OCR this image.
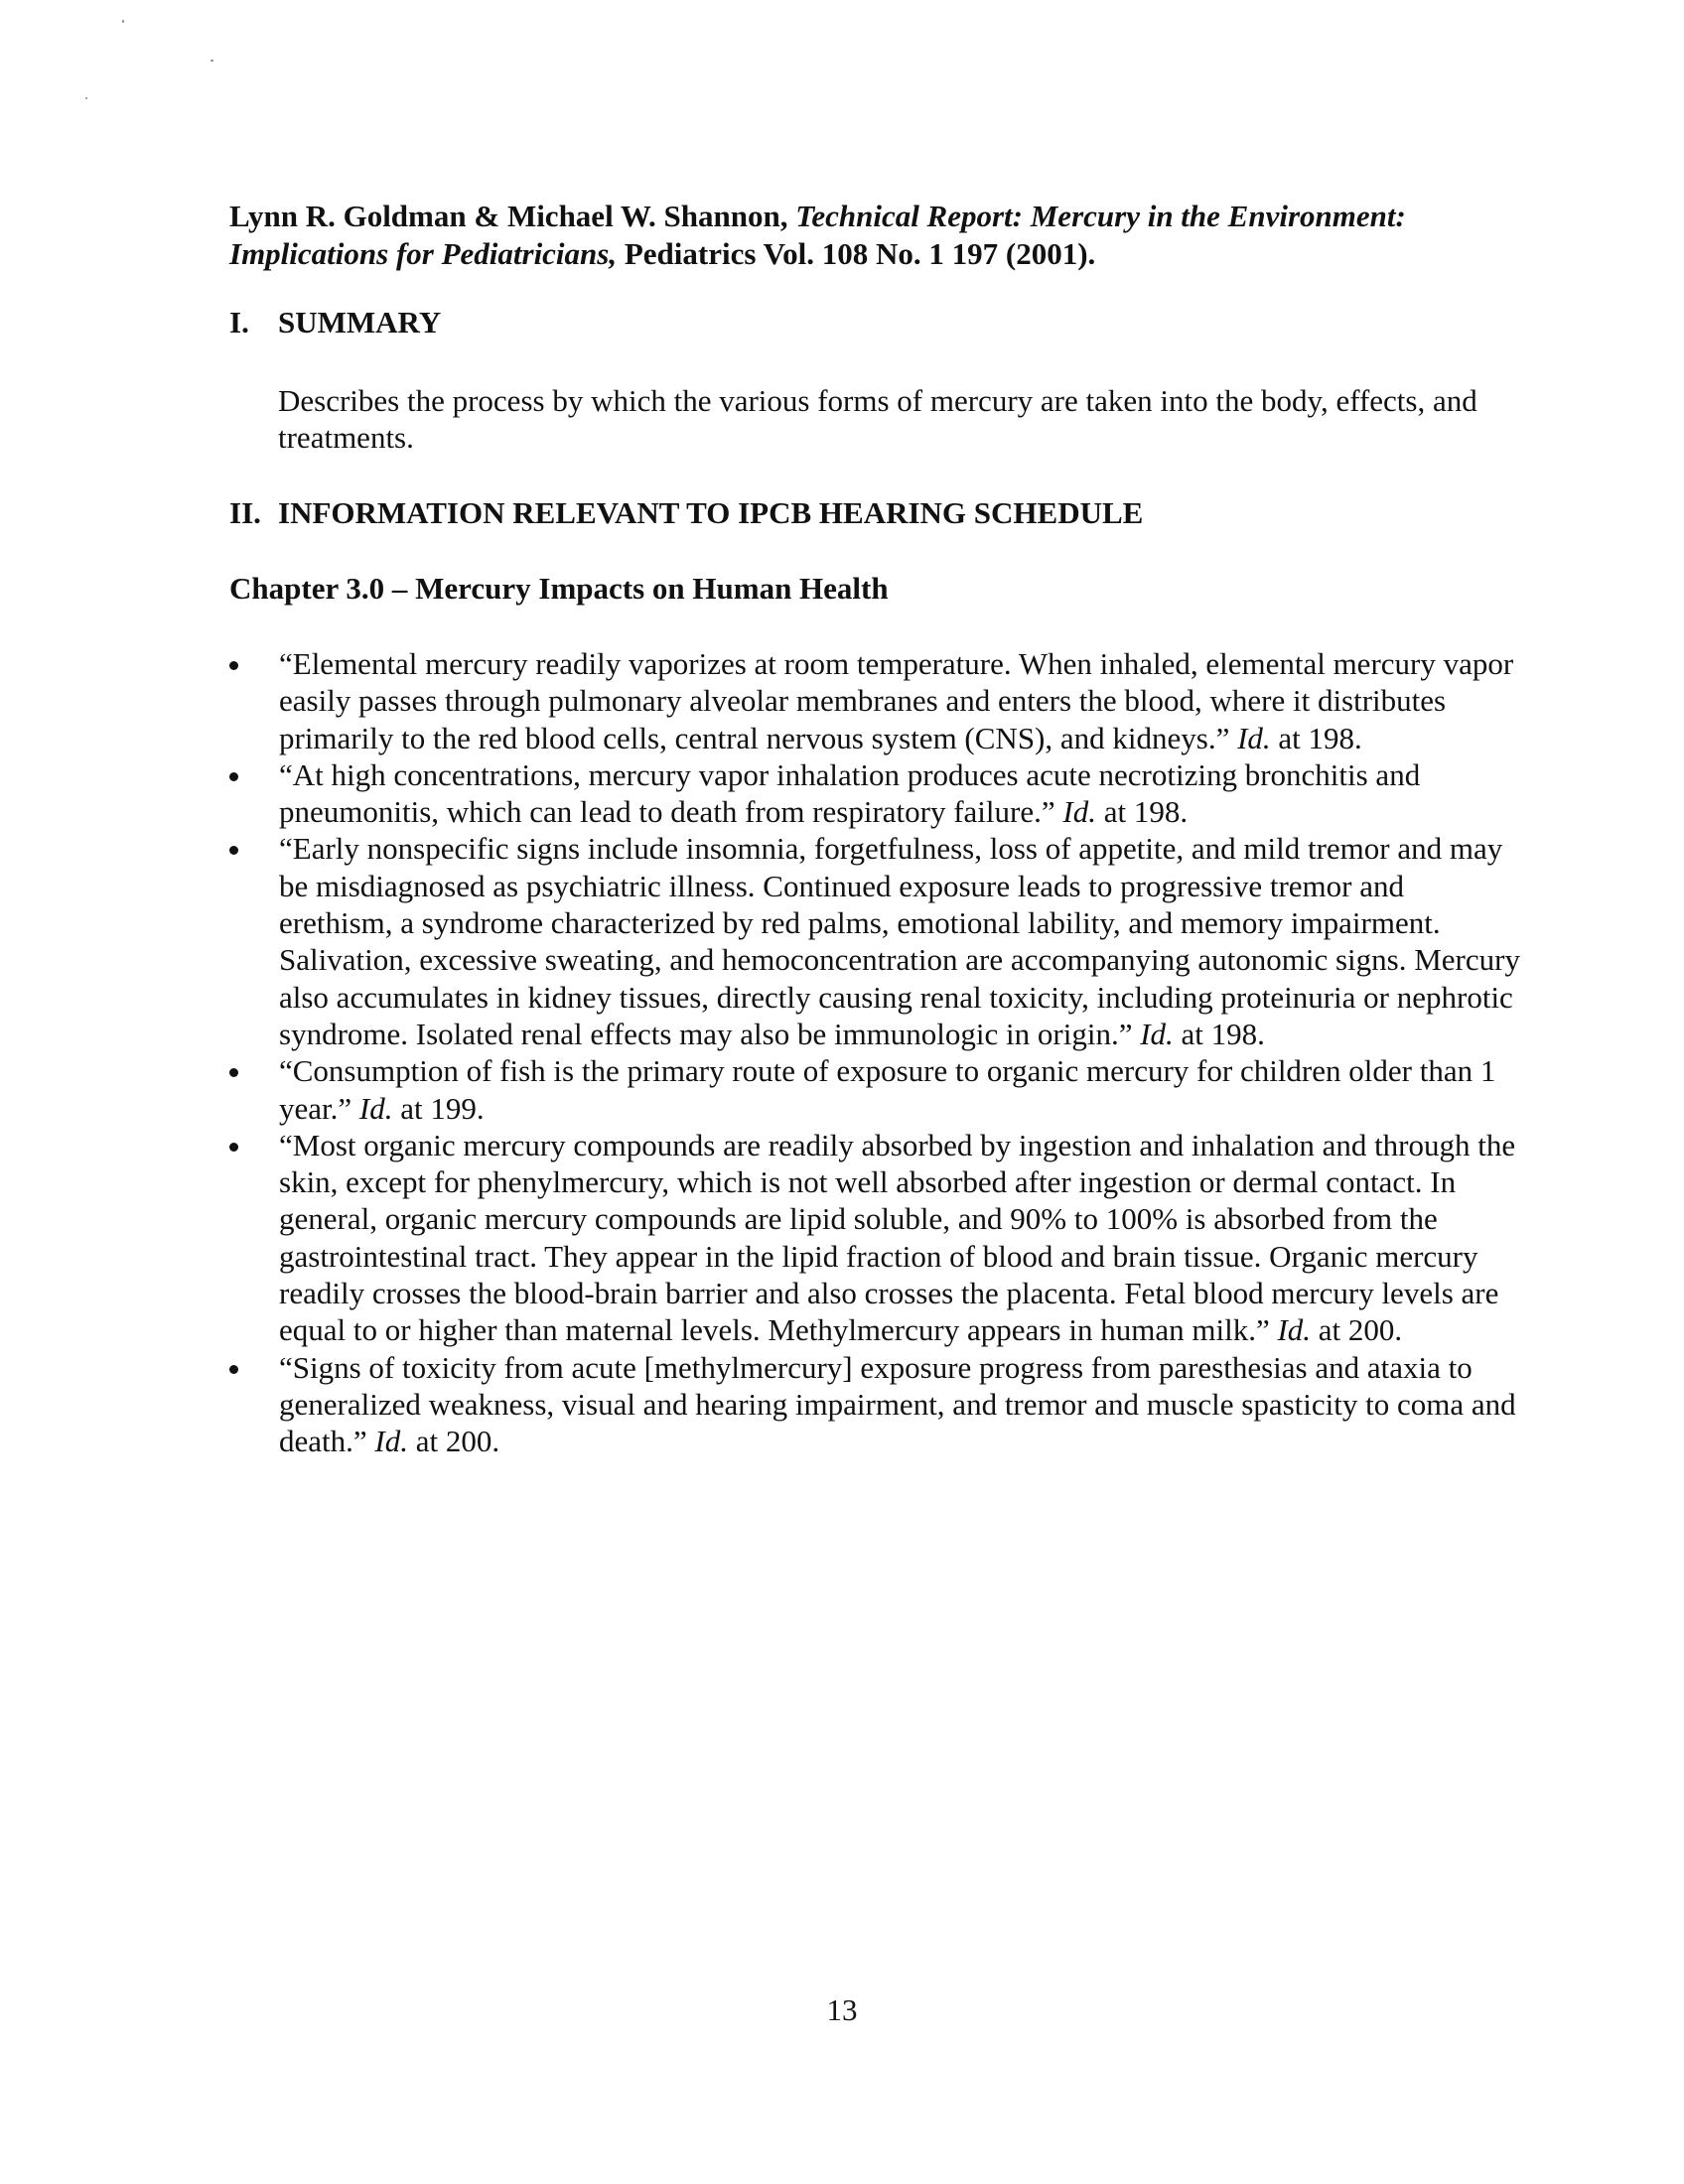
Lynn R. Goldman & Michael W. Shannon, Technical Report: Mercury in the Environment: Implications for Pediatricians, Pediatrics Vol. 108 No. 1 197 (2001).
I. SUMMARY
Describes the process by which the various forms of mercury are taken into the body, effects, and treatments.
II. INFORMATION RELEVANT TO IPCB HEARING SCHEDULE
Chapter 3.0 – Mercury Impacts on Human Health
“Elemental mercury readily vaporizes at room temperature. When inhaled, elemental mercury vapor easily passes through pulmonary alveolar membranes and enters the blood, where it distributes primarily to the red blood cells, central nervous system (CNS), and kidneys.” Id. at 198.
“At high concentrations, mercury vapor inhalation produces acute necrotizing bronchitis and pneumonitis, which can lead to death from respiratory failure.” Id. at 198.
“Early nonspecific signs include insomnia, forgetfulness, loss of appetite, and mild tremor and may be misdiagnosed as psychiatric illness. Continued exposure leads to progressive tremor and erethism, a syndrome characterized by red palms, emotional lability, and memory impairment. Salivation, excessive sweating, and hemoconcentration are accompanying autonomic signs. Mercury also accumulates in kidney tissues, directly causing renal toxicity, including proteinuria or nephrotic syndrome. Isolated renal effects may also be immunologic in origin.” Id. at 198.
“Consumption of fish is the primary route of exposure to organic mercury for children older than 1 year.” Id. at 199.
“Most organic mercury compounds are readily absorbed by ingestion and inhalation and through the skin, except for phenylmercury, which is not well absorbed after ingestion or dermal contact. In general, organic mercury compounds are lipid soluble, and 90% to 100% is absorbed from the gastrointestinal tract. They appear in the lipid fraction of blood and brain tissue. Organic mercury readily crosses the blood-brain barrier and also crosses the placenta. Fetal blood mercury levels are equal to or higher than maternal levels. Methylmercury appears in human milk.” Id. at 200.
“Signs of toxicity from acute [methylmercury] exposure progress from paresthesias and ataxia to generalized weakness, visual and hearing impairment, and tremor and muscle spasticity to coma and death.” Id. at 200.
13
